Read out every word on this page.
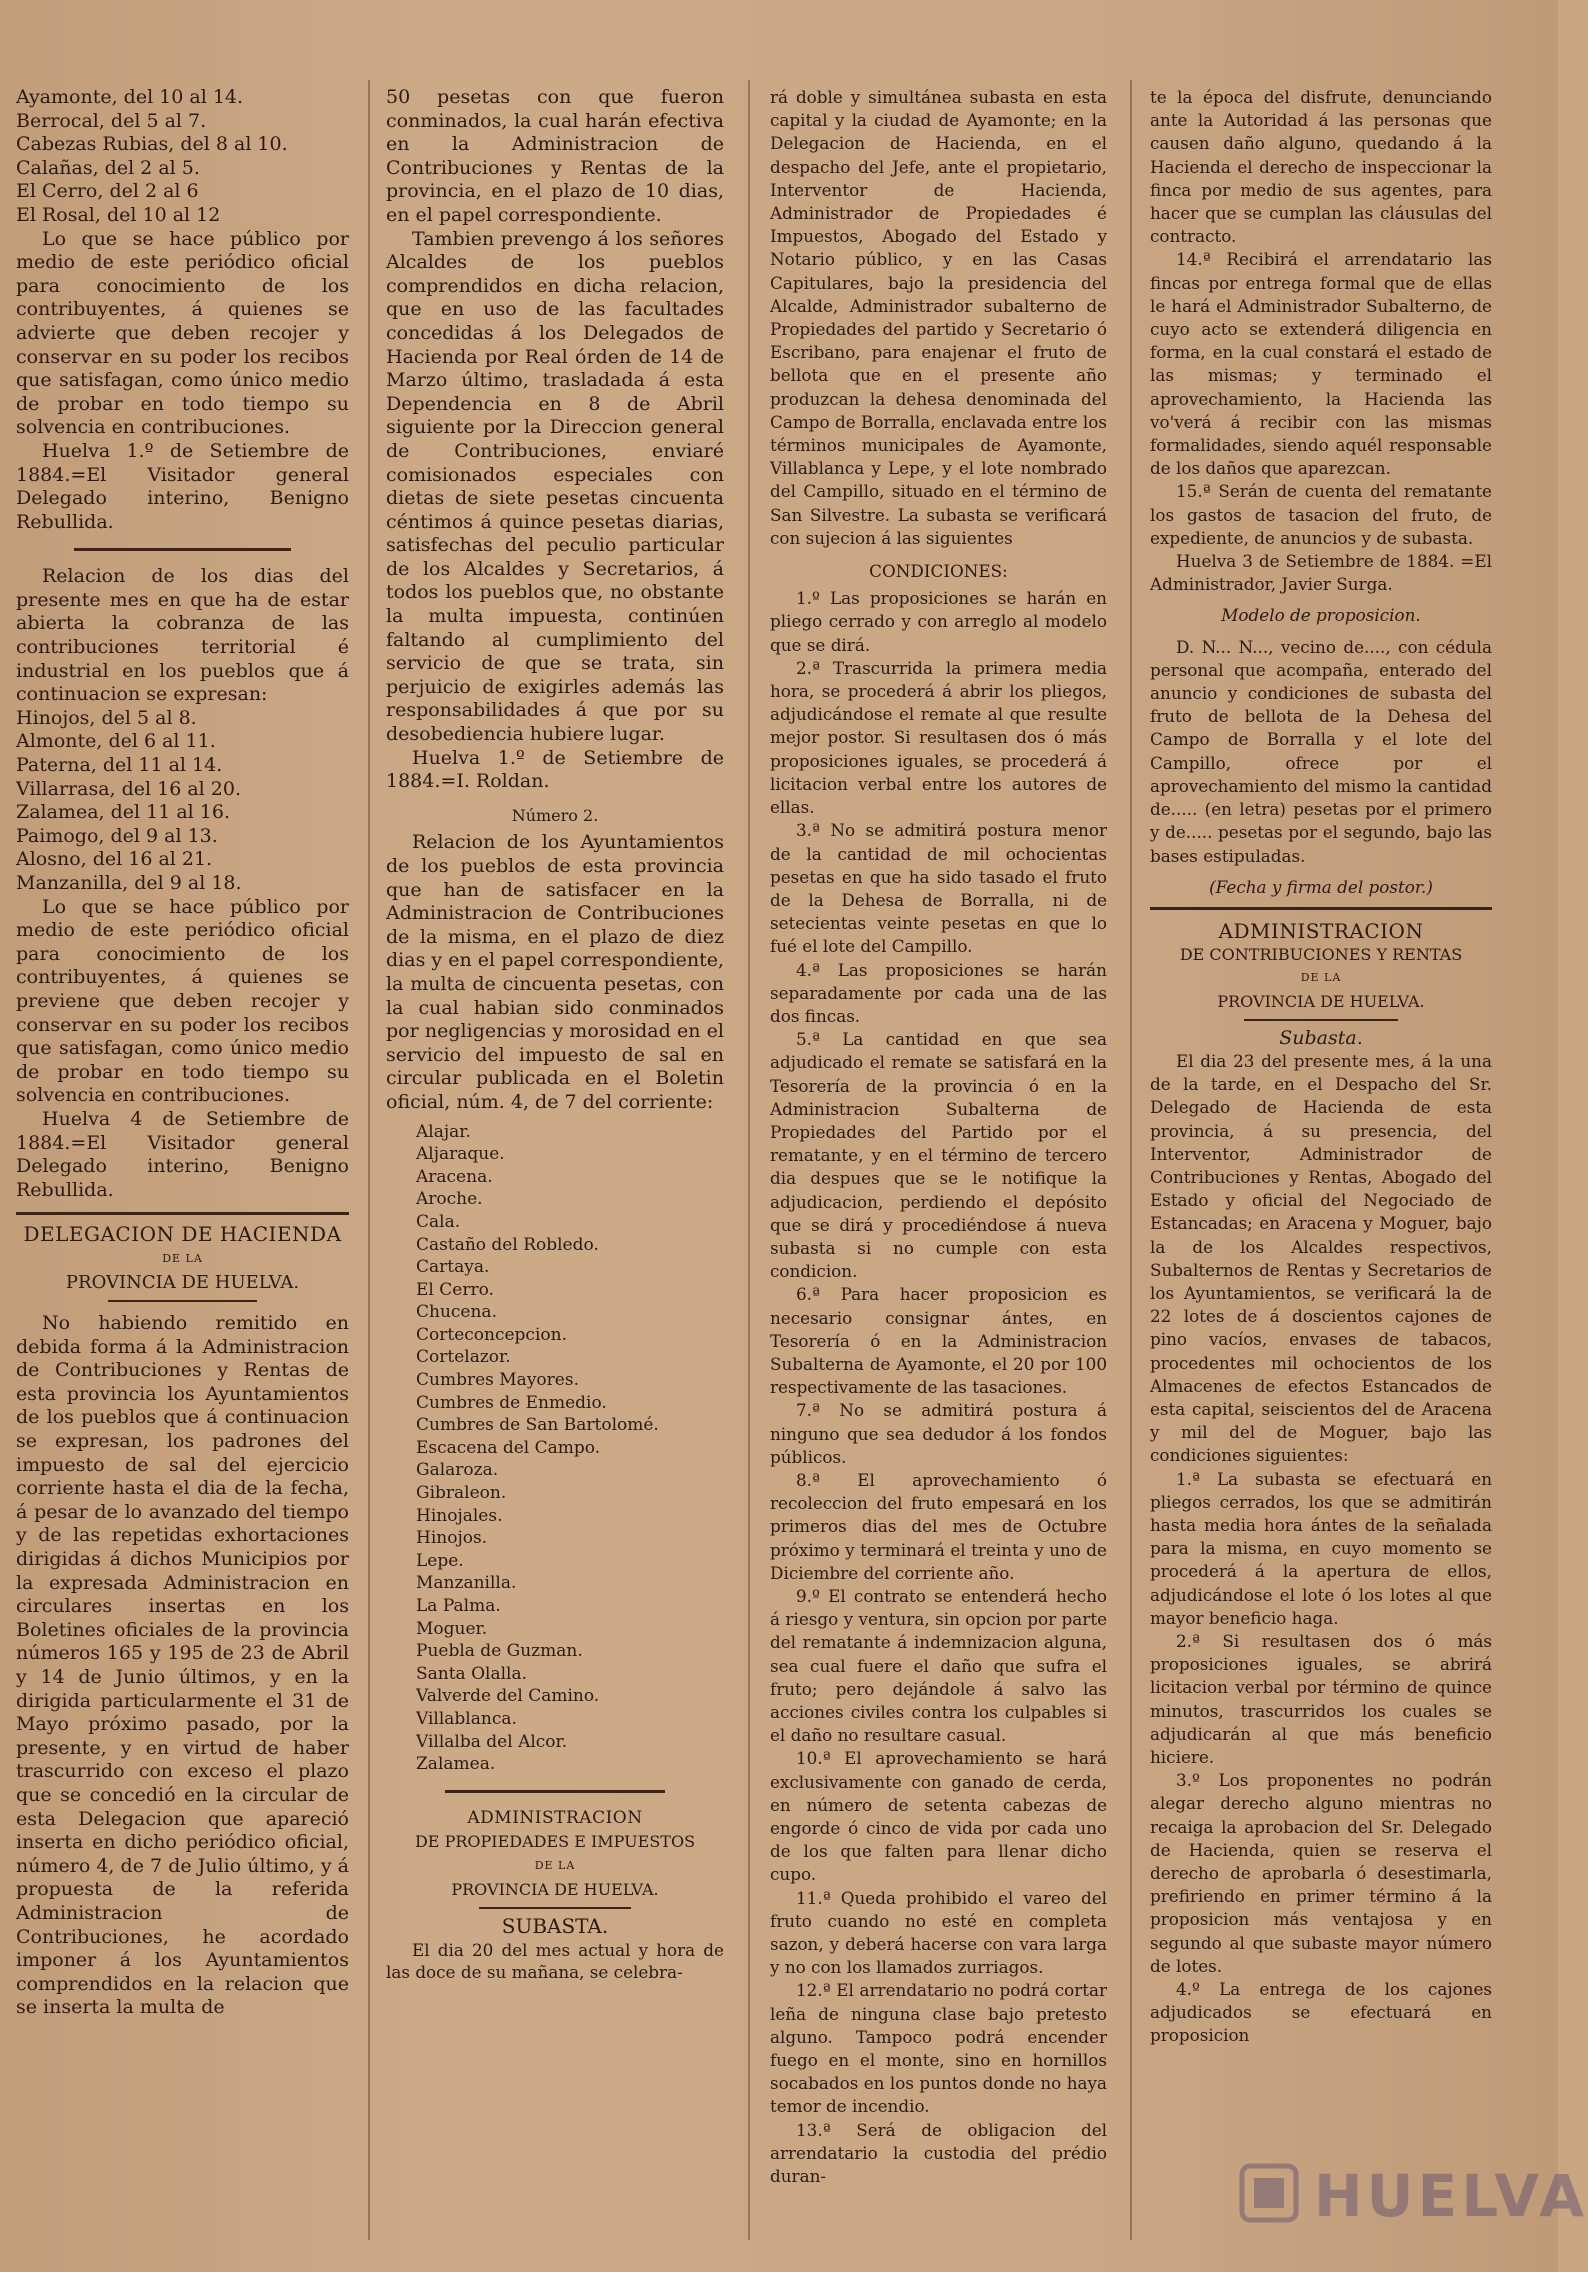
Ayamonte, del 10 al 14.
Berrocal, del 5 al 7.
Cabezas Rubias, del 8 al 10.
Calañas, del 2 al 5.
El Cerro, del 2 al 6
El Rosal, del 10 al 12

Lo que se hace público por medio de este periódico oficial para conocimiento de los contribuyentes, á quienes se advierte que deben recojer y conservar en su poder los recibos que satisfagan, como único medio de probar en todo tiempo su solvencia en contribuciones.

Huelva 1.º de Setiembre de 1884.=El Visitador general Delegado interino, Benigno Rebullida.

Relacion de los dias del presente mes en que ha de estar abierta la cobranza de las contribuciones territorial é industrial en los pueblos que á continuacion se expresan:

Hinojos, del 5 al 8.
Almonte, del 6 al 11.
Paterna, del 11 al 14.
Villarrasa, del 16 al 20.
Zalamea, del 11 al 16.
Paimogo, del 9 al 13.
Alosno, del 16 al 21.
Manzanilla, del 9 al 18.

Lo que se hace público por medio de este periódico oficial para conocimiento de los contribuyentes, á quienes se previene que deben recojer y conservar en su poder los recibos que satisfagan, como único medio de probar en todo tiempo su solvencia en contribuciones.

Huelva 4 de Setiembre de 1884.=El Visitador general Delegado interino, Benigno Rebullida.

DELEGACION DE HACIENDA
DE LA
PROVINCIA DE HUELVA.

No habiendo remitido en debida forma á la Administracion de Contribuciones y Rentas de esta provincia los Ayuntamientos de los pueblos que á continuacion se expresan, los padrones del impuesto de sal del ejercicio corriente hasta el dia de la fecha, á pesar de lo avanzado del tiempo y de las repetidas exhortaciones dirigidas á dichos Municipios por la expresada Administracion en circulares insertas en los Boletines oficiales de la provincia números 165 y 195 de 23 de Abril y 14 de Junio últimos, y en la dirigida particularmente el 31 de Mayo próximo pasado, por la presente, y en virtud de haber trascurrido con exceso el plazo que se concedió en la circular de esta Delegacion que apareció inserta en dicho periódico oficial, número 4, de 7 de Julio último, y á propuesta de la referida Administracion de Contribuciones, he acordado imponer á los Ayuntamientos comprendidos en la relacion que se inserta la multa de

50 pesetas con que fueron conminados, la cual harán efectiva en la Administracion de Contribuciones y Rentas de la provincia, en el plazo de 10 dias, en el papel correspondiente.

Tambien prevengo á los señores Alcaldes de los pueblos comprendidos en dicha relacion, que en uso de las facultades concedidas á los Delegados de Hacienda por Real órden de 14 de Marzo último, trasladada á esta Dependencia en 8 de Abril siguiente por la Direccion general de Contribuciones, enviaré comisionados especiales con dietas de siete pesetas cincuenta céntimos á quince pesetas diarias, satisfechas del peculio particular de los Alcaldes y Secretarios, á todos los pueblos que, no obstante la multa impuesta, continúen faltando al cumplimiento del servicio de que se trata, sin perjuicio de exigirles además las responsabilidades á que por su desobediencia hubiere lugar.

Huelva 1.º de Setiembre de 1884.=I. Roldan.

Número 2.

Relacion de los Ayuntamientos de los pueblos de esta provincia que han de satisfacer en la Administracion de Contribuciones de la misma, en el plazo de diez dias y en el papel correspondiente, la multa de cincuenta pesetas, con la cual habian sido conminados por negligencias y morosidad en el servicio del impuesto de sal en circular publicada en el Boletin oficial, núm. 4, de 7 del corriente:

Alajar.
Aljaraque.
Aracena.
Aroche.
Cala.
Castaño del Robledo.
Cartaya.
El Cerro.
Chucena.
Corteconcepcion.
Cortelazor.
Cumbres Mayores.
Cumbres de Enmedio.
Cumbres de San Bartolomé.
Escacena del Campo.
Galaroza.
Gibraleon.
Hinojales.
Hinojos.
Lepe.
Manzanilla.
La Palma.
Moguer.
Puebla de Guzman.
Santa Olalla.
Valverde del Camino.
Villablanca.
Villalba del Alcor.
Zalamea.
ADMINISTRACION
DE PROPIEDADES E IMPUESTOS
DE LA
PROVINCIA DE HUELVA.
SUBASTA.

El dia 20 del mes actual y hora de las doce de su mañana, se celebra-

rá doble y simultánea subasta en esta capital y la ciudad de Ayamonte; en la Delegacion de Hacienda, en el despacho del Jefe, ante el propietario, Interventor de Hacienda, Administrador de Propiedades é Impuestos, Abogado del Estado y Notario público, y en las Casas Capitulares, bajo la presidencia del Alcalde, Administrador subalterno de Propiedades del partido y Secretario ó Escribano, para enajenar el fruto de bellota que en el presente año produzcan la dehesa denominada del Campo de Borralla, enclavada entre los términos municipales de Ayamonte, Villablanca y Lepe, y el lote nombrado del Campillo, situado en el término de San Silvestre. La subasta se verificará con sujecion á las siguientes

CONDICIONES:

1.º Las proposiciones se harán en pliego cerrado y con arreglo al modelo que se dirá.

2.ª Trascurrida la primera media hora, se procederá á abrir los pliegos, adjudicándose el remate al que resulte mejor postor. Si resultasen dos ó más proposiciones iguales, se procederá á licitacion verbal entre los autores de ellas.

3.ª No se admitirá postura menor de la cantidad de mil ochocientas pesetas en que ha sido tasado el fruto de la Dehesa de Borralla, ni de setecientas veinte pesetas en que lo fué el lote del Campillo.

4.ª Las proposiciones se harán separadamente por cada una de las dos fincas.

5.ª La cantidad en que sea adjudicado el remate se satisfará en la Tesorería de la provincia ó en la Administracion Subalterna de Propiedades del Partido por el rematante, y en el término de tercero dia despues que se le notifique la adjudicacion, perdiendo el depósito que se dirá y procediéndose á nueva subasta si no cumple con esta condicion.

6.ª Para hacer proposicion es necesario consignar ántes, en Tesorería ó en la Administracion Subalterna de Ayamonte, el 20 por 100 respectivamente de las tasaciones.

7.ª No se admitirá postura á ninguno que sea dedudor á los fondos públicos.

8.ª El aprovechamiento ó recoleccion del fruto empesará en los primeros dias del mes de Octubre próximo y terminará el treinta y uno de Diciembre del corriente año.

9.º El contrato se entenderá hecho á riesgo y ventura, sin opcion por parte del rematante á indemnizacion alguna, sea cual fuere el daño que sufra el fruto; pero dejándole á salvo las acciones civiles contra los culpables si el daño no resultare casual.

10.ª El aprovechamiento se hará exclusivamente con ganado de cerda, en número de setenta cabezas de engorde ó cinco de vida por cada uno de los que falten para llenar dicho cupo.

11.ª Queda prohibido el vareo del fruto cuando no esté en completa sazon, y deberá hacerse con vara larga y no con los llamados zurriagos.

12.ª El arrendatario no podrá cortar leña de ninguna clase bajo pretesto alguno. Tampoco podrá encender fuego en el monte, sino en hornillos socabados en los puntos donde no haya temor de incendio.

13.ª Será de obligacion del arrendatario la custodia del prédio duran-

te la época del disfrute, denunciando ante la Autoridad á las personas que causen daño alguno, quedando á la Hacienda el derecho de inspeccionar la finca por medio de sus agentes, para hacer que se cumplan las cláusulas del contracto.

14.ª Recibirá el arrendatario las fincas por entrega formal que de ellas le hará el Administrador Subalterno, de cuyo acto se extenderá diligencia en forma, en la cual constará el estado de las mismas; y terminado el aprovechamiento, la Hacienda las vo'verá á recibir con las mismas formalidades, siendo aquél responsable de los daños que aparezcan.

15.ª Serán de cuenta del rematante los gastos de tasacion del fruto, de expediente, de anuncios y de subasta.

Huelva 3 de Setiembre de 1884. =El Administrador, Javier Surga.

Modelo de proposicion.

D. N... N..., vecino de...., con cédula personal que acompaña, enterado del anuncio y condiciones de subasta del fruto de bellota de la Dehesa del Campo de Borralla y el lote del Campillo, ofrece por el aprovechamiento del mismo la cantidad de..... (en letra) pesetas por el primero y de..... pesetas por el segundo, bajo las bases estipuladas.

(Fecha y firma del postor.)
ADMINISTRACION
DE CONTRIBUCIONES Y RENTAS
DE LA
PROVINCIA DE HUELVA.
Subasta.

El dia 23 del presente mes, á la una de la tarde, en el Despacho del Sr. Delegado de Hacienda de esta provincia, á su presencia, del Interventor, Administrador de Contribuciones y Rentas, Abogado del Estado y oficial del Negociado de Estancadas; en Aracena y Moguer, bajo la de los Alcaldes respectivos, Subalternos de Rentas y Secretarios de los Ayuntamientos, se verificará la de 22 lotes de á doscientos cajones de pino vacíos, envases de tabacos, procedentes mil ochocientos de los Almacenes de efectos Estancados de esta capital, seiscientos del de Aracena y mil del de Moguer, bajo las condiciones siguientes:

1.ª La subasta se efectuará en pliegos cerrados, los que se admitirán hasta media hora ántes de la señalada para la misma, en cuyo momento se procederá á la apertura de ellos, adjudicándose el lote ó los lotes al que mayor beneficio haga.

2.ª Si resultasen dos ó más proposiciones iguales, se abrirá licitacion verbal por término de quince minutos, trascurridos los cuales se adjudicarán al que más beneficio hiciere.

3.º Los proponentes no podrán alegar derecho alguno mientras no recaiga la aprobacion del Sr. Delegado de Hacienda, quien se reserva el derecho de aprobarla ó desestimarla, prefiriendo en primer término á la proposicion más ventajosa y en segundo al que subaste mayor número de lotes.

4.º La entrega de los cajones adjudicados se efectuará en proposicion

HUELVA
